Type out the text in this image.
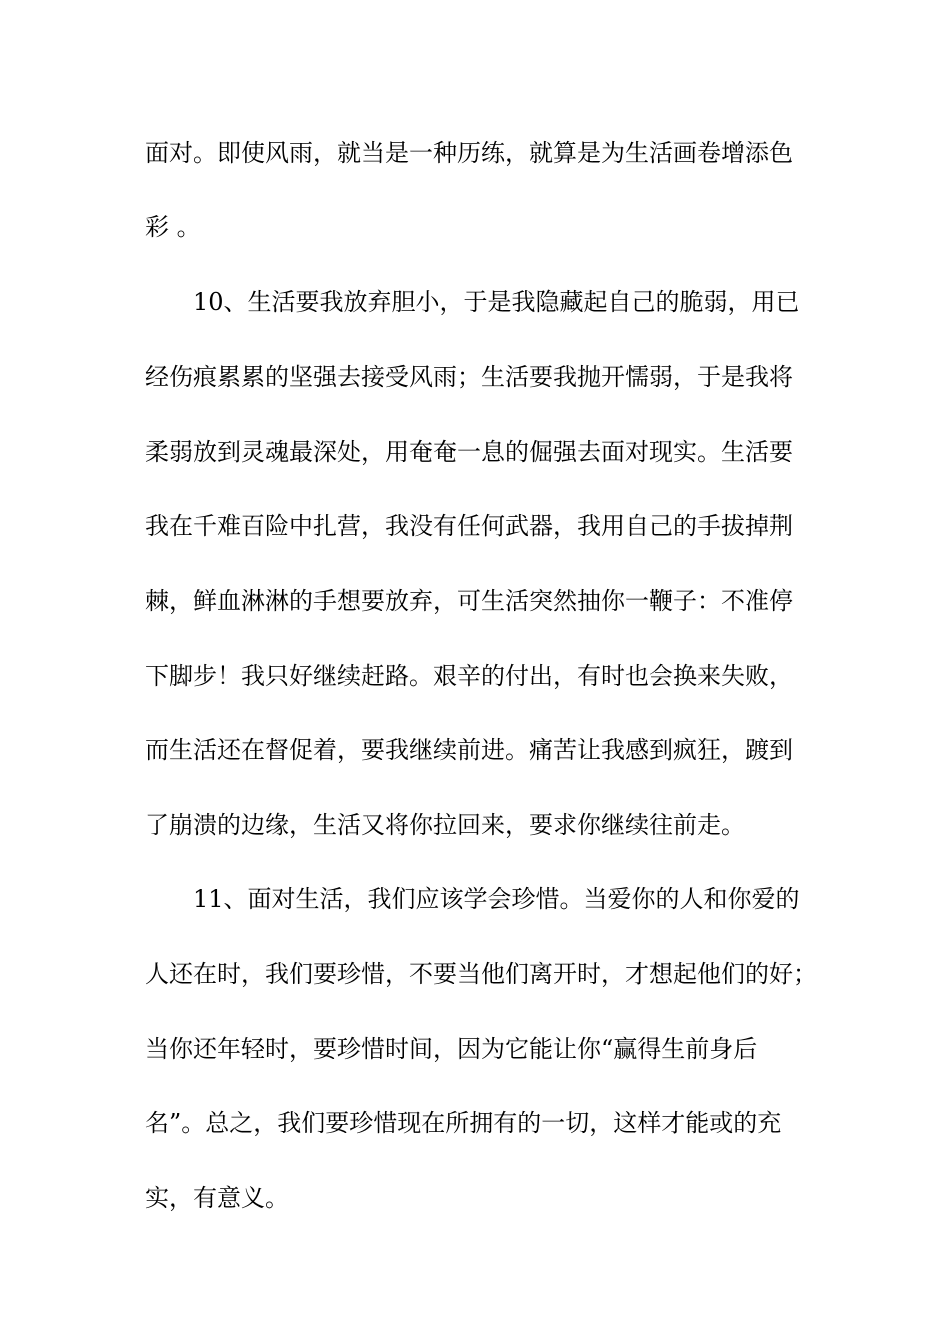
面对。即使风雨，就当是一种历练，就算是为生活画卷增添色

彩 。

10、生活要我放弃胆小，于是我隐藏起自己的脆弱，用已

经伤痕累累的坚强去接受风雨；生活要我抛开懦弱，于是我将

柔弱放到灵魂最深处，用奄奄一息的倔强去面对现实。生活要

我在千难百险中扎营，我没有任何武器，我用自己的手拔掉荆

棘，鲜血淋淋的手想要放弃，可生活突然抽你一鞭子：不准停

下脚步！我只好继续赶路。艰辛的付出，有时也会换来失败，

而生活还在督促着，要我继续前进。痛苦让我感到疯狂，踱到

了崩溃的边缘，生活又将你拉回来，要求你继续往前走。

11、面对生活，我们应该学会珍惜。当爱你的人和你爱的

人还在时，我们要珍惜，不要当他们离开时，才想起他们的好；

当你还年轻时，要珍惜时间，因为它能让你“赢得生前身后

名”。总之，我们要珍惜现在所拥有的一切，这样才能或的充

实，有意义。
